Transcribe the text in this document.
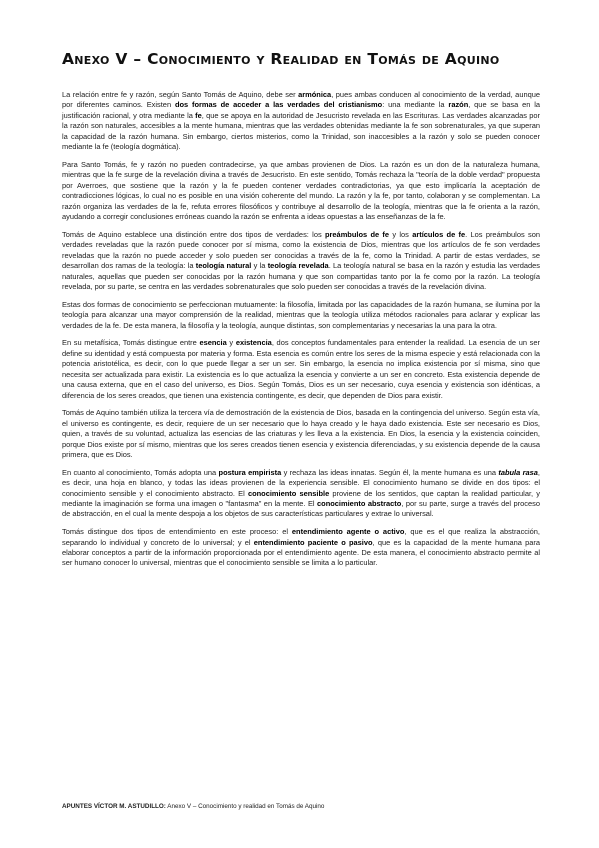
Anexo V – Conocimiento y Realidad en Tomás de Aquino

La relación entre fe y razón, según Santo Tomás de Aquino, debe ser armónica, pues ambas conducen al conocimiento de la verdad, aunque por diferentes caminos. Existen dos formas de acceder a las verdades del cristianismo: una mediante la razón, que se basa en la justificación racional, y otra mediante la fe, que se apoya en la autoridad de Jesucristo revelada en las Escrituras. Las verdades alcanzadas por la razón son naturales, accesibles a la mente humana, mientras que las verdades obtenidas mediante la fe son sobrenaturales, ya que superan la capacidad de la razón humana. Sin embargo, ciertos misterios, como la Trinidad, son inaccesibles a la razón y solo se pueden conocer mediante la fe (teología dogmática).

Para Santo Tomás, fe y razón no pueden contradecirse, ya que ambas provienen de Dios. La razón es un don de la naturaleza humana, mientras que la fe surge de la revelación divina a través de Jesucristo. En este sentido, Tomás rechaza la "teoría de la doble verdad" propuesta por Averroes, que sostiene que la razón y la fe pueden contener verdades contradictorias, ya que esto implicaría la aceptación de contradicciones lógicas, lo cual no es posible en una visión coherente del mundo. La razón y la fe, por tanto, colaboran y se complementan. La razón organiza las verdades de la fe, refuta errores filosóficos y contribuye al desarrollo de la teología, mientras que la fe orienta a la razón, ayudando a corregir conclusiones erróneas cuando la razón se enfrenta a ideas opuestas a las enseñanzas de la fe.

Tomás de Aquino establece una distinción entre dos tipos de verdades: los preámbulos de fe y los artículos de fe. Los preámbulos son verdades reveladas que la razón puede conocer por sí misma, como la existencia de Dios, mientras que los artículos de fe son verdades reveladas que la razón no puede acceder y solo pueden ser conocidas a través de la fe, como la Trinidad. A partir de estas verdades, se desarrollan dos ramas de la teología: la teología natural y la teología revelada. La teología natural se basa en la razón y estudia las verdades naturales, aquellas que pueden ser conocidas por la razón humana y que son compartidas tanto por la fe como por la razón. La teología revelada, por su parte, se centra en las verdades sobrenaturales que solo pueden ser conocidas a través de la revelación divina.

Estas dos formas de conocimiento se perfeccionan mutuamente: la filosofía, limitada por las capacidades de la razón humana, se ilumina por la teología para alcanzar una mayor comprensión de la realidad, mientras que la teología utiliza métodos racionales para aclarar y explicar las verdades de la fe. De esta manera, la filosofía y la teología, aunque distintas, son complementarias y necesarias la una para la otra.

En su metafísica, Tomás distingue entre esencia y existencia, dos conceptos fundamentales para entender la realidad. La esencia de un ser define su identidad y está compuesta por materia y forma. Esta esencia es común entre los seres de la misma especie y está relacionada con la potencia aristotélica, es decir, con lo que puede llegar a ser un ser. Sin embargo, la esencia no implica existencia por sí misma, sino que necesita ser actualizada para existir. La existencia es lo que actualiza la esencia y convierte a un ser en concreto. Esta existencia depende de una causa externa, que en el caso del universo, es Dios. Según Tomás, Dios es un ser necesario, cuya esencia y existencia son idénticas, a diferencia de los seres creados, que tienen una existencia contingente, es decir, que dependen de Dios para existir.

Tomás de Aquino también utiliza la tercera vía de demostración de la existencia de Dios, basada en la contingencia del universo. Según esta vía, el universo es contingente, es decir, requiere de un ser necesario que lo haya creado y le haya dado existencia. Este ser necesario es Dios, quien, a través de su voluntad, actualiza las esencias de las criaturas y les lleva a la existencia. En Dios, la esencia y la existencia coinciden, porque Dios existe por sí mismo, mientras que los seres creados tienen esencia y existencia diferenciadas, y su existencia depende de la causa primera, que es Dios.

En cuanto al conocimiento, Tomás adopta una postura empirista y rechaza las ideas innatas. Según él, la mente humana es una tabula rasa, es decir, una hoja en blanco, y todas las ideas provienen de la experiencia sensible. El conocimiento humano se divide en dos tipos: el conocimiento sensible y el conocimiento abstracto. El conocimiento sensible proviene de los sentidos, que captan la realidad particular, y mediante la imaginación se forma una imagen o "fantasma" en la mente. El conocimiento abstracto, por su parte, surge a través del proceso de abstracción, en el cual la mente despoja a los objetos de sus características particulares y extrae lo universal.

Tomás distingue dos tipos de entendimiento en este proceso: el entendimiento agente o activo, que es el que realiza la abstracción, separando lo individual y concreto de lo universal; y el entendimiento paciente o pasivo, que es la capacidad de la mente humana para elaborar conceptos a partir de la información proporcionada por el entendimiento agente. De esta manera, el conocimiento abstracto permite al ser humano conocer lo universal, mientras que el conocimiento sensible se limita a lo particular.

APUNTES VÍCTOR M. ASTUDILLO: Anexo V – Conocimiento y realidad en Tomás de Aquino
